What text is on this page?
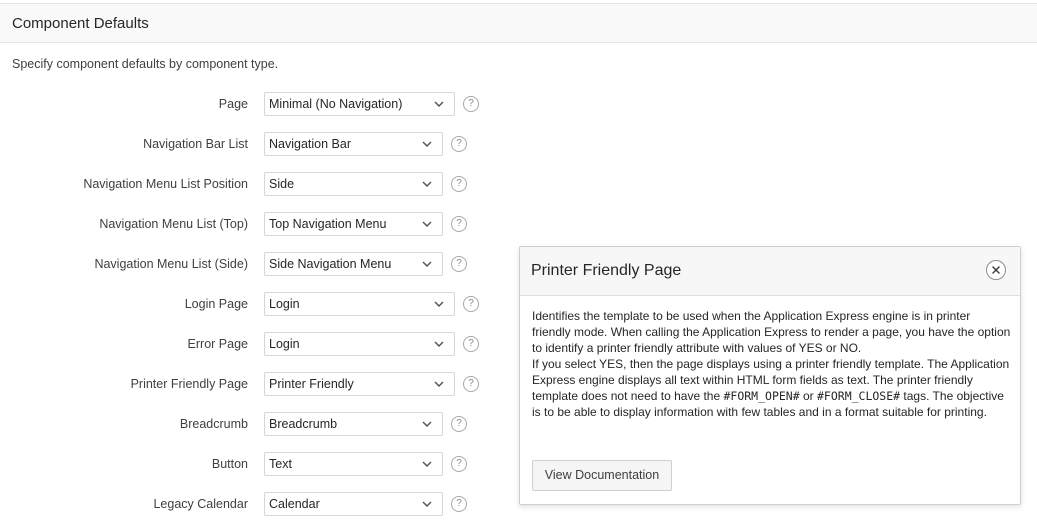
Component Defaults
Specify component defaults by component type.
Page	Minimal (No Navigation)	?
Navigation Bar List	Navigation Bar	?
Navigation Menu List Position	Side	?
Navigation Menu List (Top)	Top Navigation Menu	?
Navigation Menu List (Side)	Side Navigation Menu	?
Login Page	Login	?
Error Page	Login	?
Printer Friendly Page	Printer Friendly	?
Breadcrumb	Breadcrumb	?
Button	Text	?
Legacy Calendar	Calendar	?
Printer Friendly Page

Identifies the template to be used when the Application Express engine is in printer friendly mode. When calling the Application Express to render a page, you have the option to identify a printer friendly attribute with values of YES or NO.

If you select YES, then the page displays using a printer friendly template. The Application Express engine displays all text within HTML form fields as text. The printer friendly template does not need to have the #FORM_OPEN# or #FORM_CLOSE# tags. The objective is to be able to display information with few tables and in a format suitable for printing.

View Documentation
